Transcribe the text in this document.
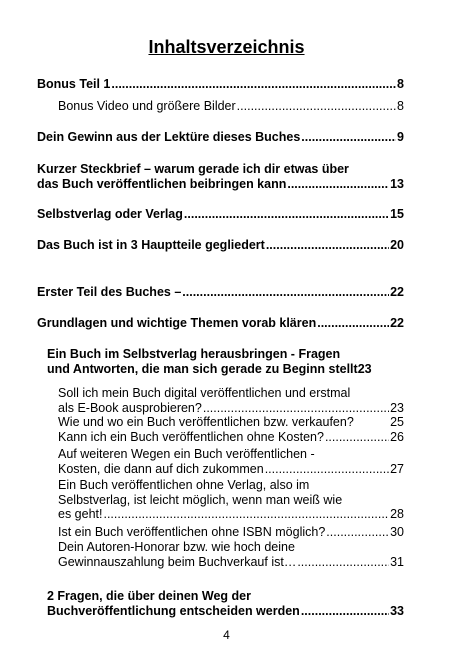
Inhaltsverzeichnis
Bonus Teil 1 .....	8
Bonus Video und größere Bilder .....	8
Dein Gewinn aus der Lektüre dieses Buches .....	9
Kurzer Steckbrief – warum gerade ich dir etwas über
das Buch veröffentlichen beibringen kann .....	13
Selbstverlag oder Verlag .....	15
Das Buch ist in 3 Hauptteile gegliedert .....	20
Erster Teil des Buches – .....	22
Grundlagen und wichtige Themen vorab klären .....	22
Ein Buch im Selbstverlag herausbringen - Fragen
und Antworten, die man sich gerade zu Beginn stellt 23
Soll ich mein Buch digital veröffentlichen und erstmal
als E-Book ausprobieren? .....	23
Wie und wo ein Buch veröffentlichen bzw. verkaufen?	25
Kann ich ein Buch veröffentlichen ohne Kosten? .....	26
Auf weiteren Wegen ein Buch veröffentlichen -
Kosten, die dann auf dich zukommen .....	27
Ein Buch veröffentlichen ohne Verlag, also im
Selbstverlag, ist leicht möglich, wenn man weiß wie
es geht! .....	28
Ist ein Buch veröffentlichen ohne ISBN möglich? .....	30
Dein Autoren-Honorar bzw. wie hoch deine
Gewinnauszahlung beim Buchverkauf ist… .....	31
2 Fragen, die über deinen Weg der
Buchveröffentlichung entscheiden werden .....	33
4
